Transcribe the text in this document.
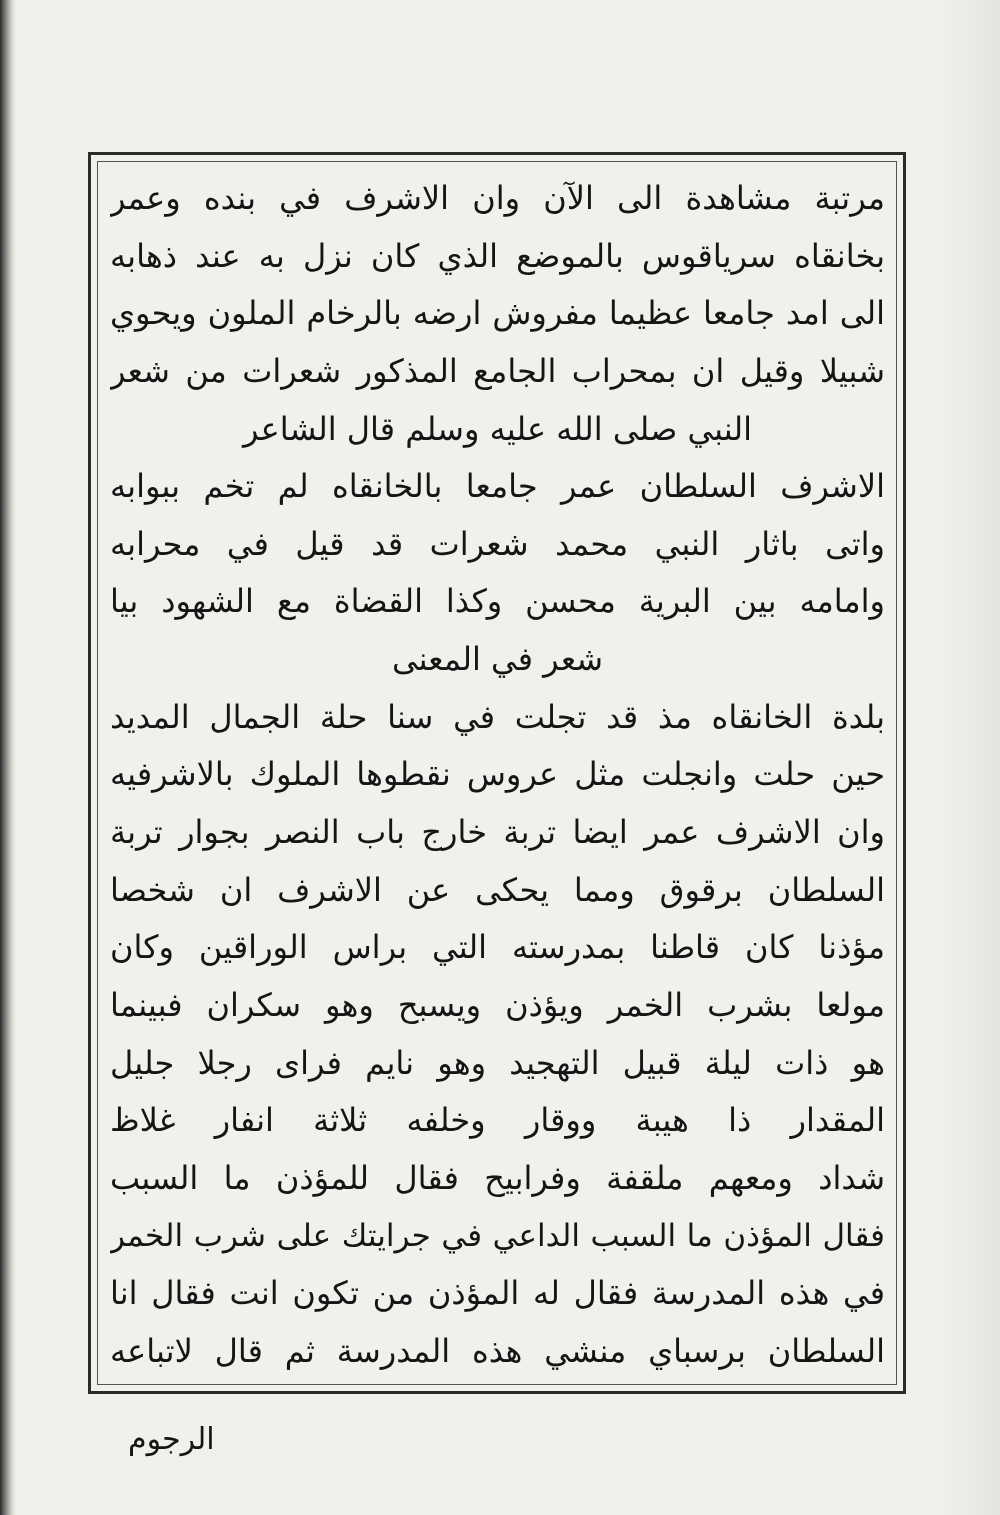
مرتبة مشاهدة الى الآن وان الاشرف في بنده وعمر
بخانقاه سرياقوس بالموضع الذي كان نزل به عند ذهابه
الى امد جامعا عظيما مفروش ارضه بالرخام الملون ويحوي
شبيلا وقيل ان بمحراب الجامع المذكور شعرات من شعر
النبي صلى الله عليه وسلم قال الشاعر
الاشرف السلطان عمر جامعا بالخانقاه لم تخم ببوابه
واتى باثار النبي محمد شعرات قد قيل في محرابه
وامامه بين البرية محسن وكذا القضاة مع الشهود بيا
شعر في المعنى
بلدة الخانقاه مذ قد تجلت في سنا حلة الجمال المديد
حين حلت وانجلت مثل عروس نقطوها الملوك بالاشرفيه
وان الاشرف عمر ايضا تربة خارج باب النصر بجوار تربة
السلطان برقوق ومما يحكى عن الاشرف ان شخصا
مؤذنا كان قاطنا بمدرسته التي براس الوراقين وكان
مولعا بشرب الخمر ويؤذن ويسبح وهو سكران فبينما
هو ذات ليلة قبيل التهجيد وهو نايم فراى رجلا جليل
المقدار ذا هيبة ووقار وخلفه ثلاثة انفار غلاظ
شداد ومعهم ملقفة وفرابيح فقال للمؤذن ما السبب
فقال المؤذن ما السبب الداعي في جرايتك على شرب الخمر
في هذه المدرسة فقال له المؤذن من تكون انت فقال انا
السلطان برسباي منشي هذه المدرسة ثم قال لاتباعه
الرجوم
